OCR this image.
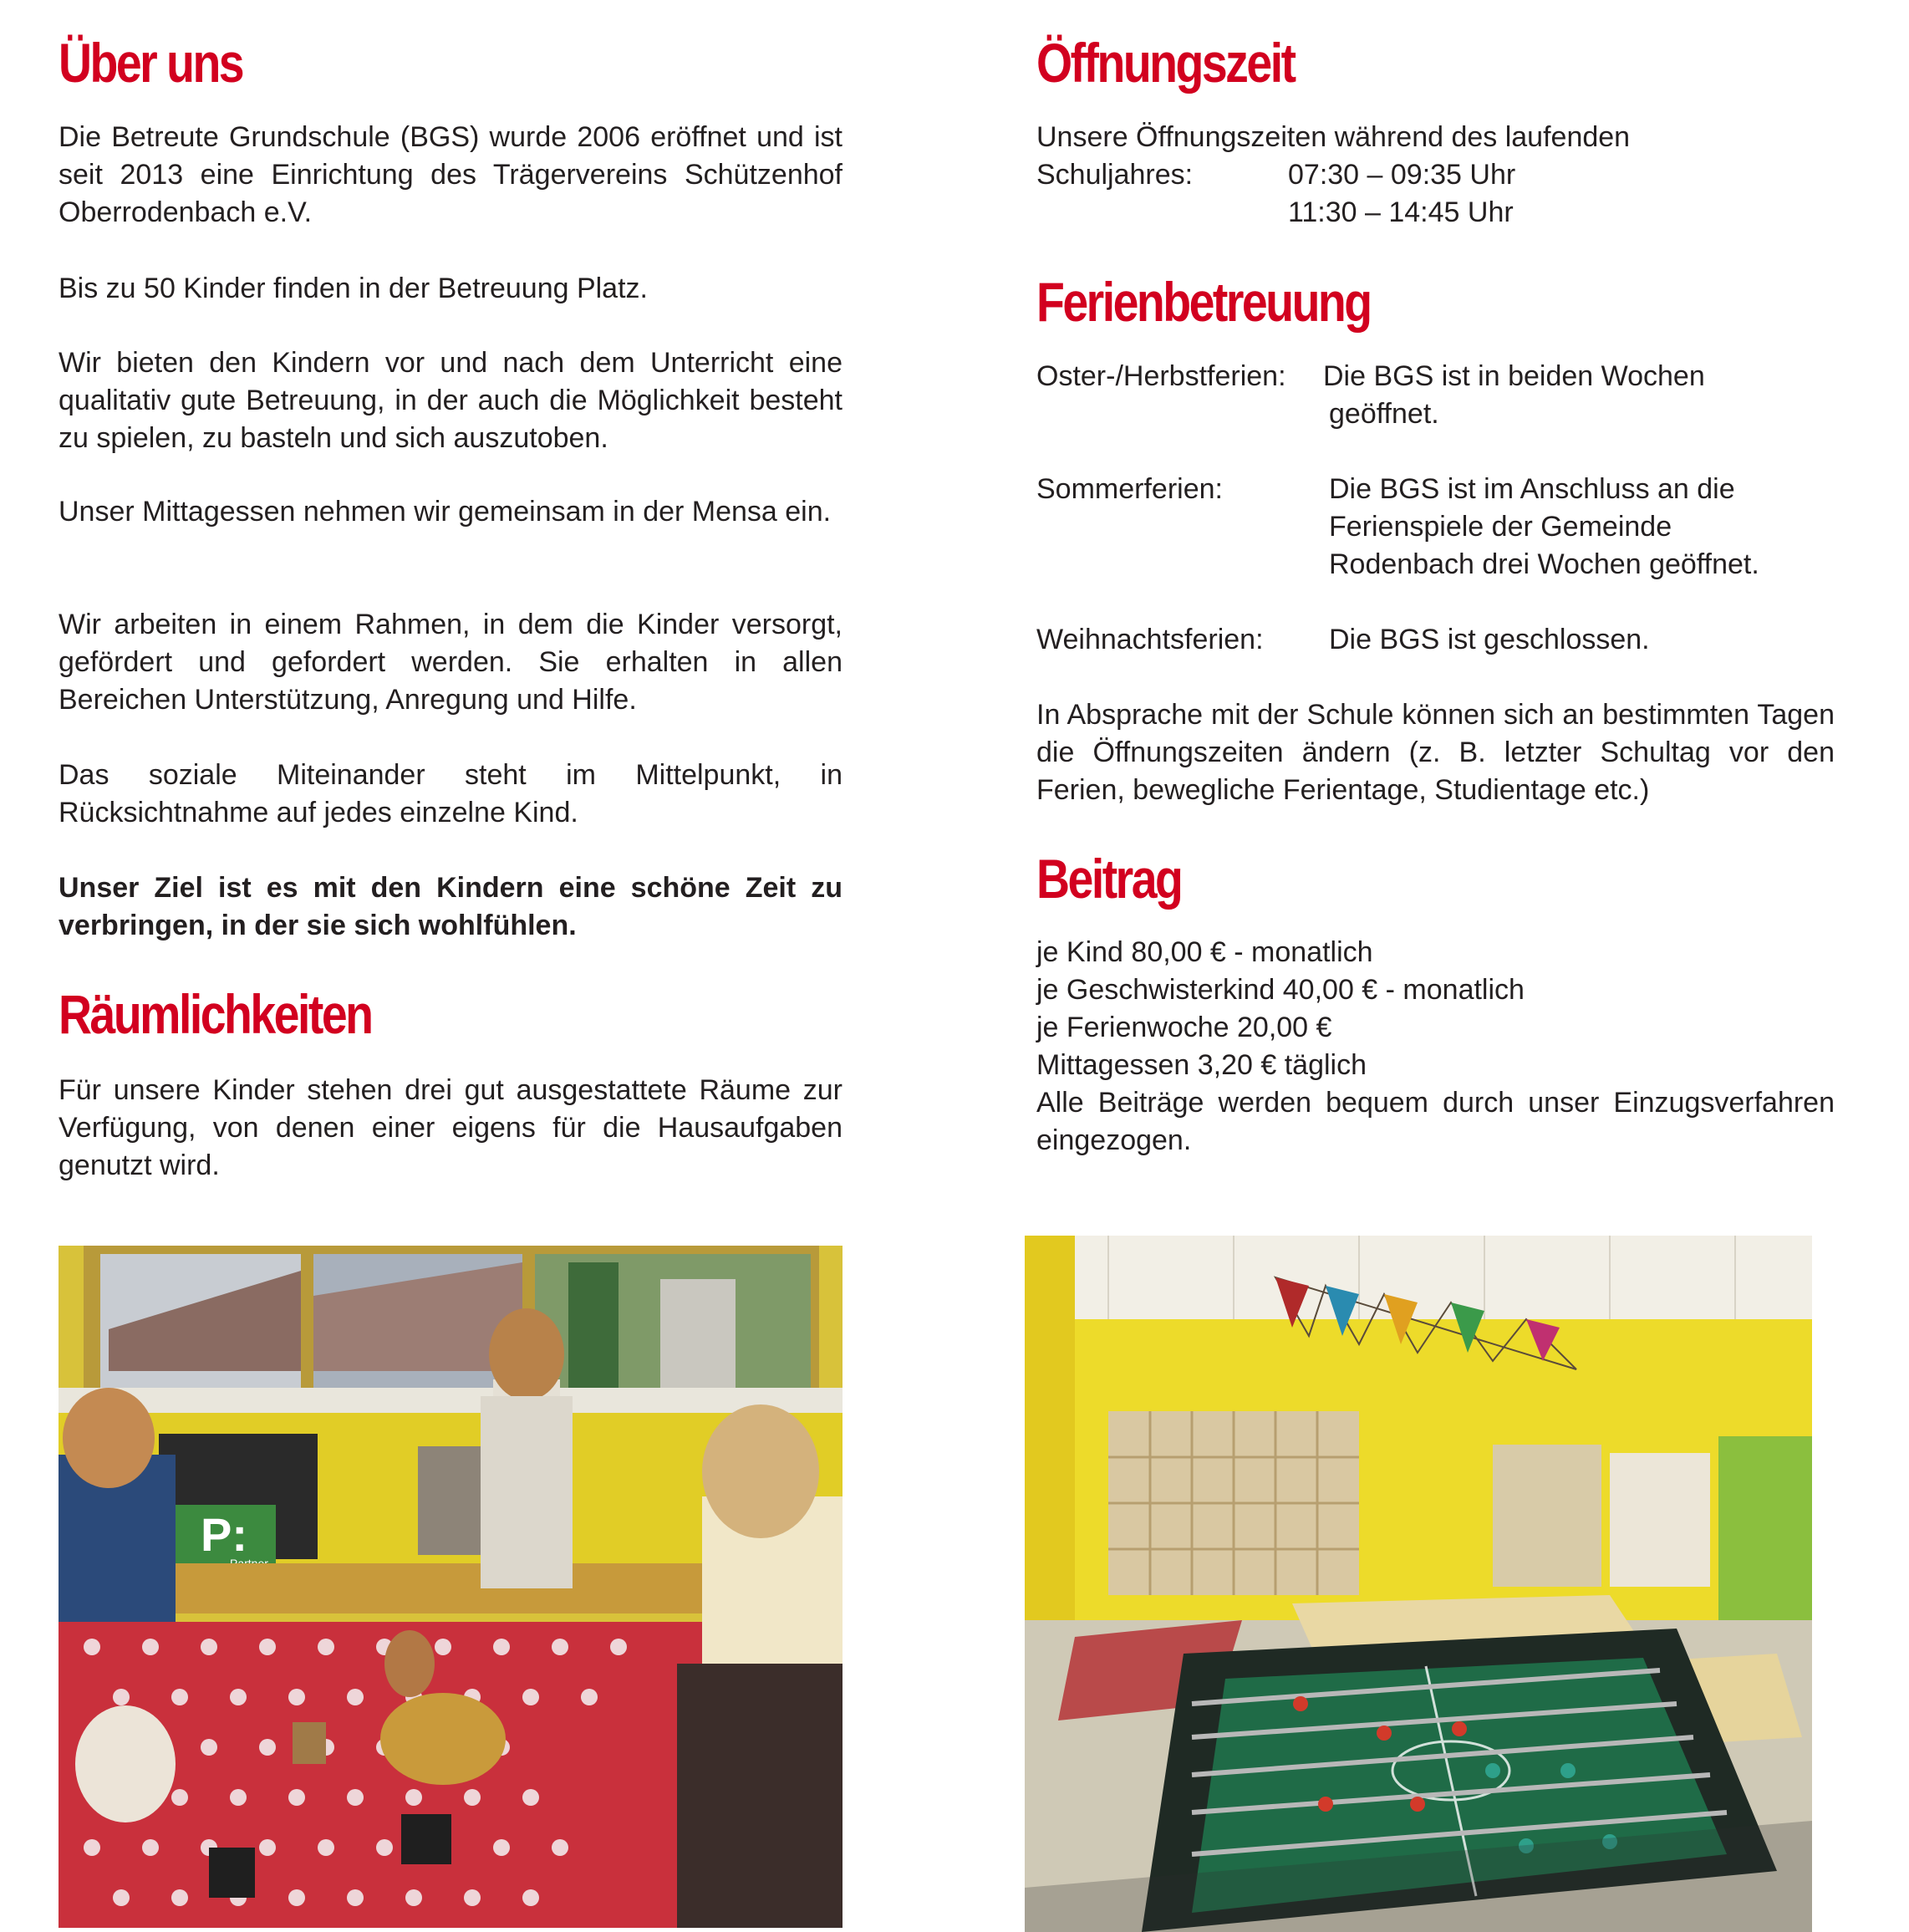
Über uns

Die Betreute Grundschule (BGS) wurde 2006 eröffnet und ist seit 2013 eine Einrichtung des Trägervereins Schützenhof Oberrodenbach e.V.

Bis zu 50 Kinder finden in der Betreuung Platz.

Wir bieten den Kindern vor und nach dem Unterricht eine qualitativ gute Betreuung, in der auch die Möglichkeit besteht zu spielen, zu basteln und sich auszutoben.

Unser Mittagessen nehmen wir gemeinsam in der Mensa ein.

Wir arbeiten in einem Rahmen, in dem die Kinder versorgt, gefördert und gefordert werden. Sie erhalten in allen Bereichen Unterstützung, Anregung und Hilfe.

Das soziale Miteinander steht im Mittelpunkt, in Rücksichtnahme auf jedes einzelne Kind.

Unser Ziel ist es mit den Kindern eine schöne Zeit zu verbringen, in der sie sich wohlfühlen.

Räumlichkeiten

Für unsere Kinder stehen drei gut ausgestattete Räume zur Verfügung, von denen einer eigens für die Hausaufgaben genutzt wird.

Öffnungszeit

Unsere Öffnungszeiten während des laufenden

Schuljahres:	07:30 – 09:35 Uhr
11:30 – 14:45 Uhr
Ferienbetreuung
Oster-/Herbstferien: Die BGS ist in beiden Wochen
geöffnet.
Sommerferien:	Die BGS ist im Anschluss an die
Ferienspiele der Gemeinde
Rodenbach drei Wochen geöffnet.
Weihnachtsferien: Die BGS ist geschlossen.

In Absprache mit der Schule können sich an bestimmten Tagen die Öffnungszeiten ändern (z. B. letzter Schultag vor den Ferien, bewegliche Ferientage, Studientage etc.)

Beitrag

je Kind 80,00 € - monatlich

je Geschwisterkind 40,00 € - monatlich

je Ferienwoche 20,00 €

Mittagessen 3,20 € täglich

Alle Beiträge werden bequem durch unser Einzugsverfahren eingezogen.

P:
